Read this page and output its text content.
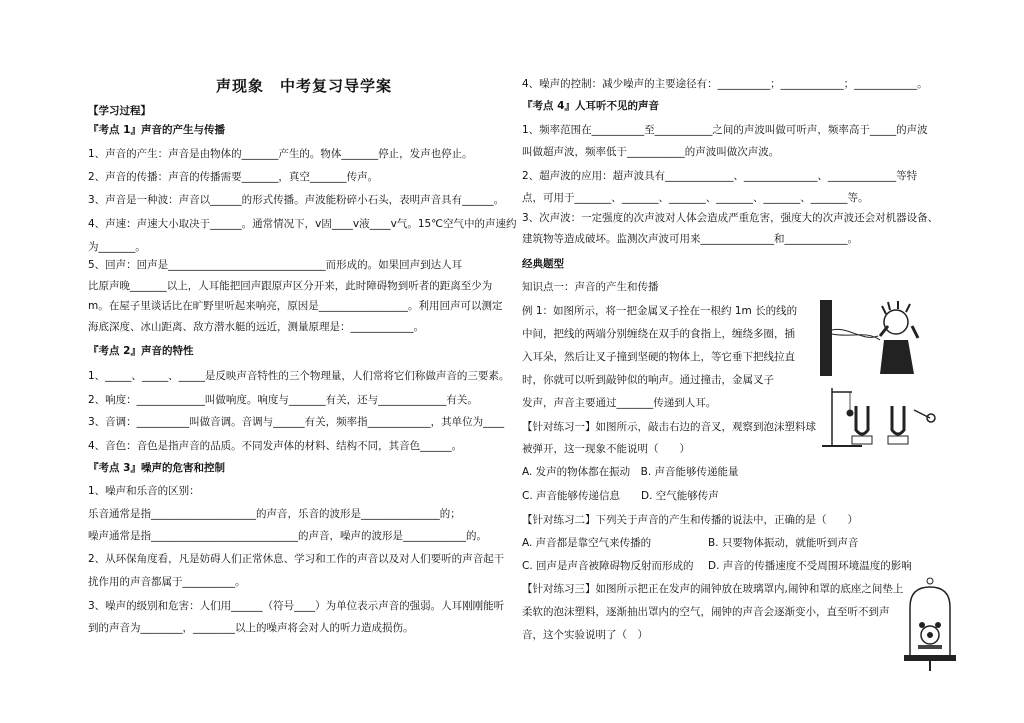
声现象　中考复习导学案
【学习过程】
『考点 1』声音的产生与传播
1、声音的产生：声音是由物体的_______产生的。物体_______停止，发声也停止。
2、声音的传播：声音的传播需要_______，真空_______传声。
3、声音是一种波：声音以______的形式传播。声波能粉碎小石头，表明声音具有______。
4、声速：声速大小取决于______。通常情况下，v固____v液____v气。15℃空气中的声速约
为_______。
5、回声：回声是______________________________而形成的。如果回声到达人耳
比原声晚_______以上，人耳能把回声跟原声区分开来，此时障碍物到听者的距离至少为
m。在屋子里谈话比在旷野里听起来响亮，原因是_________________。利用回声可以测定
海底深度、冰山距离、敌方潜水艇的远近，测量原理是：____________。
『考点 2』声音的特性
1、_____、_____、_____是反映声音特性的三个物理量，人们常将它们称做声音的三要素。
2、响度：_____________叫做响度。响度与_______有关，还与_____________有关。
3、音调：__________叫做音调。音调与______有关，频率指____________，其单位为____
4、音色：音色是指声音的品质。不同发声体的材料、结构不同，其音色______。
『考点 3』噪声的危害和控制
1、噪声和乐音的区别：
乐音通常是指____________________的声音，乐音的波形是_______________的；
噪声通常是指____________________________的声音，噪声的波形是____________的。
2、从环保角度看，凡是妨碍人们正常休息、学习和工作的声音以及对人们要听的声音起干
扰作用的声音都属于__________。
3、噪声的级别和危害：人们用______（符号____）为单位表示声音的强弱。人耳刚刚能听
到的声音为________，________以上的噪声将会对人的听力造成损伤。
4、噪声的控制：减少噪声的主要途径有：__________；____________；____________。
『考点 4』人耳听不见的声音
1、频率范围在__________至___________之间的声波叫做可听声，频率高于_____的声波
叫做超声波，频率低于___________的声波叫做次声波。
2、超声波的应用：超声波具有_____________、______________、_____________等特
点，可用于_______、_______、_______、_______、_______、_______等。
3、次声波：一定强度的次声波对人体会造成严重危害，强度大的次声波还会对机器设备、
建筑物等造成破坏。监测次声波可用来______________和____________。
经典题型
知识点一：声音的产生和传播
例 1：如图所示，将一把金属叉子拴在一根约 1m 长的线的
中间，把线的两端分别缠绕在双手的食指上，缠绕多圈，插
入耳朵，然后让叉子撞到坚硬的物体上，等它垂下把线拉直
时，你就可以听到敲钟似的响声。通过撞击，金属叉子
发声，声音主要通过_______传递到人耳。
【针对练习一】如图所示，敲击右边的音叉，观察到泡沫塑料球
被弹开，这一现象不能说明（　　）
A. 发声的物体都在振动　B. 声音能够传递能量
C. 声音能够传递信息　　D. 空气能够传声
【针对练习二】下列关于声音的产生和传播的说法中，正确的是（　　）
A. 声音都是靠空气来传播的	B. 只要物体振动，就能听到声音
C. 回声是声音被障碍物反射而形成的 D. 声音的传播速度不受周围环境温度的影响
【针对练习三】如图所示把正在发声的闹钟放在玻璃罩内,闹钟和罩的底座之间垫上
柔软的泡沫塑料，逐渐抽出罩内的空气，闹钟的声音会逐渐变小，直至听不到声
音，这个实验说明了（　）
